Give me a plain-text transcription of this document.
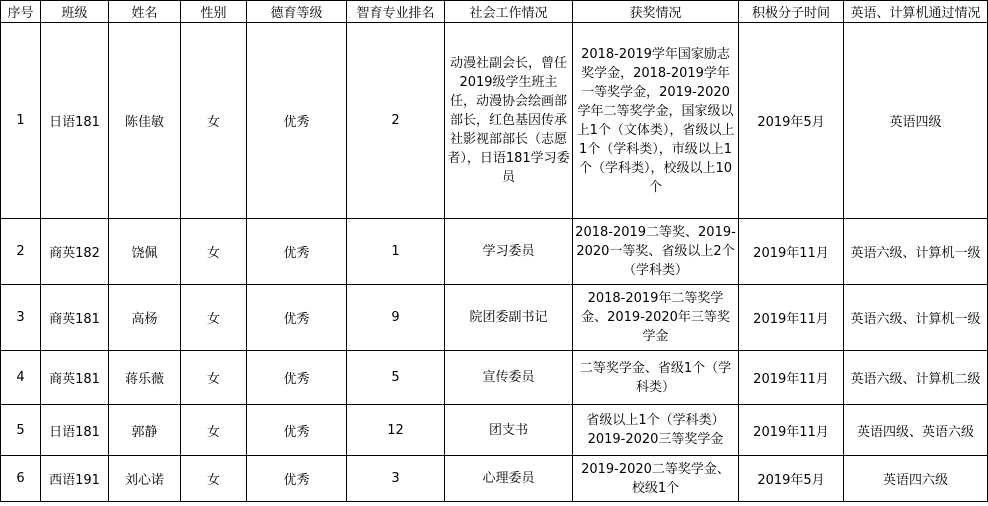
序号	班级	姓名	性别	德育等级	智育专业排名	社会工作情况	获奖情况	积极分子时间	英语、计算机通过情况
1	日语181	陈佳敏	女	优秀	2	动漫社副会长，曾任2019级学生班主任，动漫协会绘画部部长，红色基因传承社影视部部长（志愿者），日语181学习委员	2018-2019学年国家励志奖学金，2018-2019学年一等奖学金，2019-2020学年二等奖学金，国家级以上1个（文体类），省级以上1个（学科类），市级以上1个（学科类），校级以上10个	2019年5月	英语四级
2	商英182	饶佩	女	优秀	1	学习委员	2018-2019二等奖、2019-2020一等奖、省级以上2个（学科类）	2019年11月	英语六级、计算机一级
3	商英181	高杨	女	优秀	9	院团委副书记	2018-2019年二等奖学金、2019-2020年三等奖学金	2019年11月	英语六级、计算机一级
4	商英181	蒋乐薇	女	优秀	5	宣传委员	二等奖学金、省级1个（学科类）	2019年11月	英语六级、计算机二级
5	日语181	郭静	女	优秀	12	团支书	省级以上1个（学科类）2019-2020三等奖学金	2019年11月	英语四级、英语六级
6	西语191	刘心诺	女	优秀	3	心理委员	2019-2020二等奖学金、校级1个	2019年5月	英语四六级
